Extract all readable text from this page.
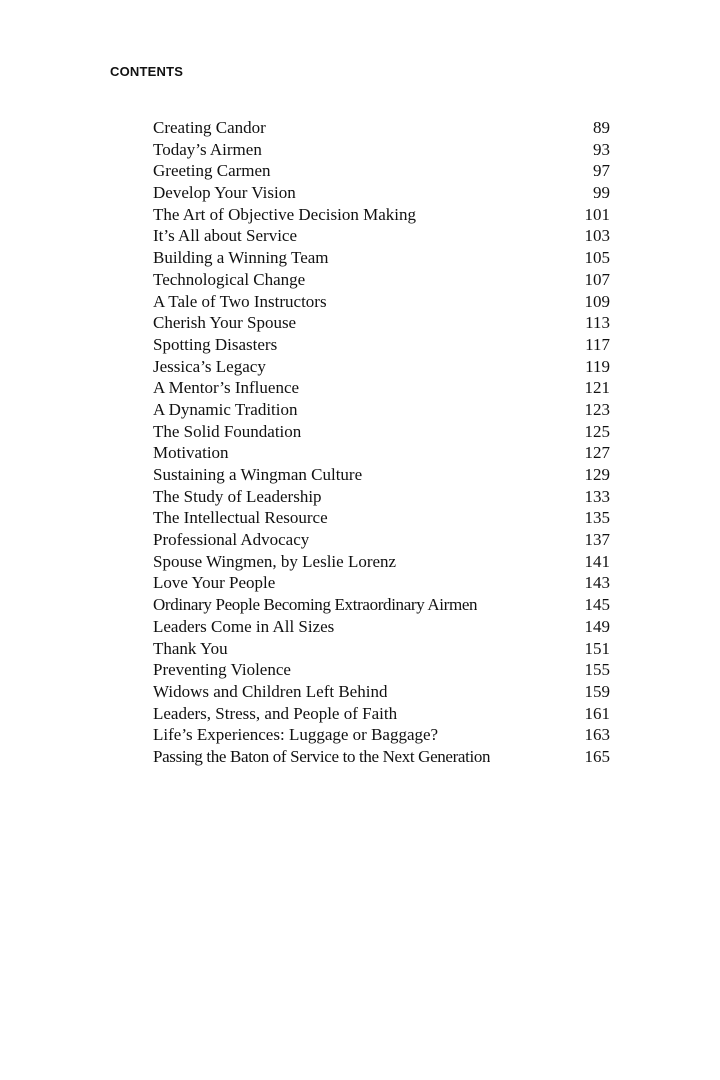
CONTENTS
Creating Candor	89
Today’s Airmen	93
Greeting Carmen	97
Develop Your Vision	99
The Art of Objective Decision Making	101
It’s All about Service	103
Building a Winning Team	105
Technological Change	107
A Tale of Two Instructors	109
Cherish Your Spouse	113
Spotting Disasters	117
Jessica’s Legacy	119
A Mentor’s Influence	121
A Dynamic Tradition	123
The Solid Foundation	125
Motivation	127
Sustaining a Wingman Culture	129
The Study of Leadership	133
The Intellectual Resource	135
Professional Advocacy	137
Spouse Wingmen, by Leslie Lorenz	141
Love Your People	143
Ordinary People Becoming Extraordinary Airmen	145
Leaders Come in All Sizes	149
Thank You	151
Preventing Violence	155
Widows and Children Left Behind	159
Leaders, Stress, and People of Faith	161
Life’s Experiences: Luggage or Baggage?	163
Passing the Baton of Service to the Next Generation	165
